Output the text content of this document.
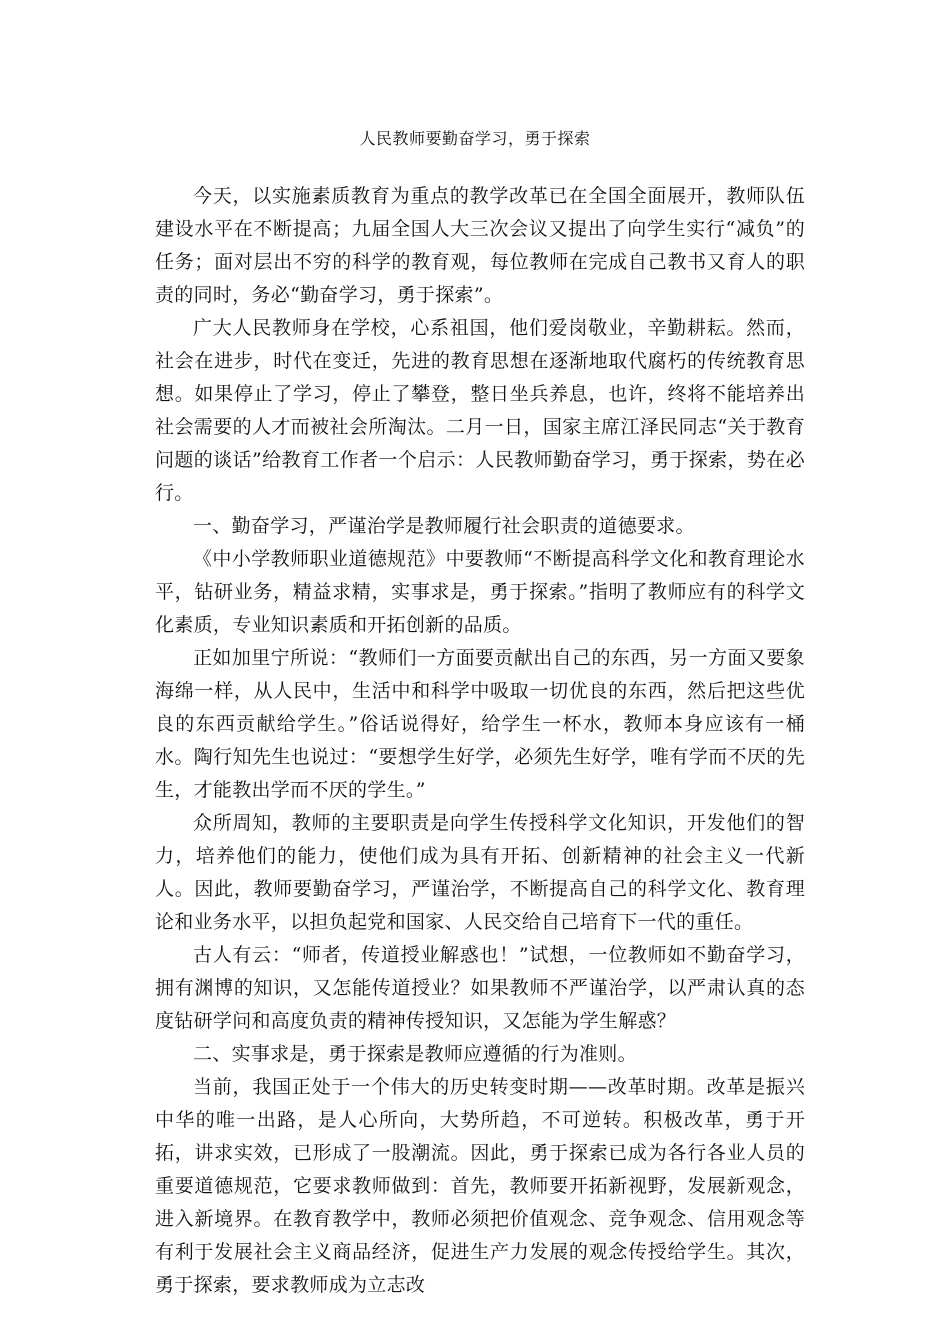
人民教师要勤奋学习，勇于探索

今天，以实施素质教育为重点的教学改革已在全国全面展开，教师队伍建设水平在不断提高；九届全国人大三次会议又提出了向学生实行“减负”的任务；面对层出不穷的科学的教育观，每位教师在完成自己教书又育人的职责的同时，务必“勤奋学习，勇于探索”。

广大人民教师身在学校，心系祖国，他们爱岗敬业，辛勤耕耘。然而，社会在进步，时代在变迁，先进的教育思想在逐渐地取代腐朽的传统教育思想。如果停止了学习，停止了攀登，整日坐兵养息，也许，终将不能培养出社会需要的人才而被社会所淘汰。二月一日，国家主席江泽民同志“关于教育问题的谈话”给教育工作者一个启示：人民教师勤奋学习，勇于探索，势在必行。

一、勤奋学习，严谨治学是教师履行社会职责的道德要求。

《中小学教师职业道德规范》中要教师“不断提高科学文化和教育理论水平，钻研业务，精益求精，实事求是，勇于探索。”指明了教师应有的科学文化素质，专业知识素质和开拓创新的品质。

正如加里宁所说：“教师们一方面要贡献出自己的东西，另一方面又要象海绵一样，从人民中，生活中和科学中吸取一切优良的东西，然后把这些优良的东西贡献给学生。”俗话说得好，给学生一杯水，教师本身应该有一桶水。陶行知先生也说过：“要想学生好学，必须先生好学，唯有学而不厌的先生，才能教出学而不厌的学生。”

众所周知，教师的主要职责是向学生传授科学文化知识，开发他们的智力，培养他们的能力，使他们成为具有开拓、创新精神的社会主义一代新人。因此，教师要勤奋学习，严谨治学，不断提高自己的科学文化、教育理论和业务水平，以担负起党和国家、人民交给自己培育下一代的重任。

古人有云：“师者，传道授业解惑也！”试想，一位教师如不勤奋学习，拥有渊博的知识，又怎能传道授业？如果教师不严谨治学，以严肃认真的态度钻研学问和高度负责的精神传授知识，又怎能为学生解惑？

二、实事求是，勇于探索是教师应遵循的行为准则。

当前，我国正处于一个伟大的历史转变时期——改革时期。改革是振兴中华的唯一出路，是人心所向，大势所趋，不可逆转。积极改革，勇于开拓，讲求实效，已形成了一股潮流。因此，勇于探索已成为各行各业人员的重要道德规范，它要求教师做到：首先，教师要开拓新视野，发展新观念，进入新境界。在教育教学中，教师必须把价值观念、竞争观念、信用观念等有利于发展社会主义商品经济，促进生产力发展的观念传授给学生。其次，勇于探索，要求教师成为立志改
